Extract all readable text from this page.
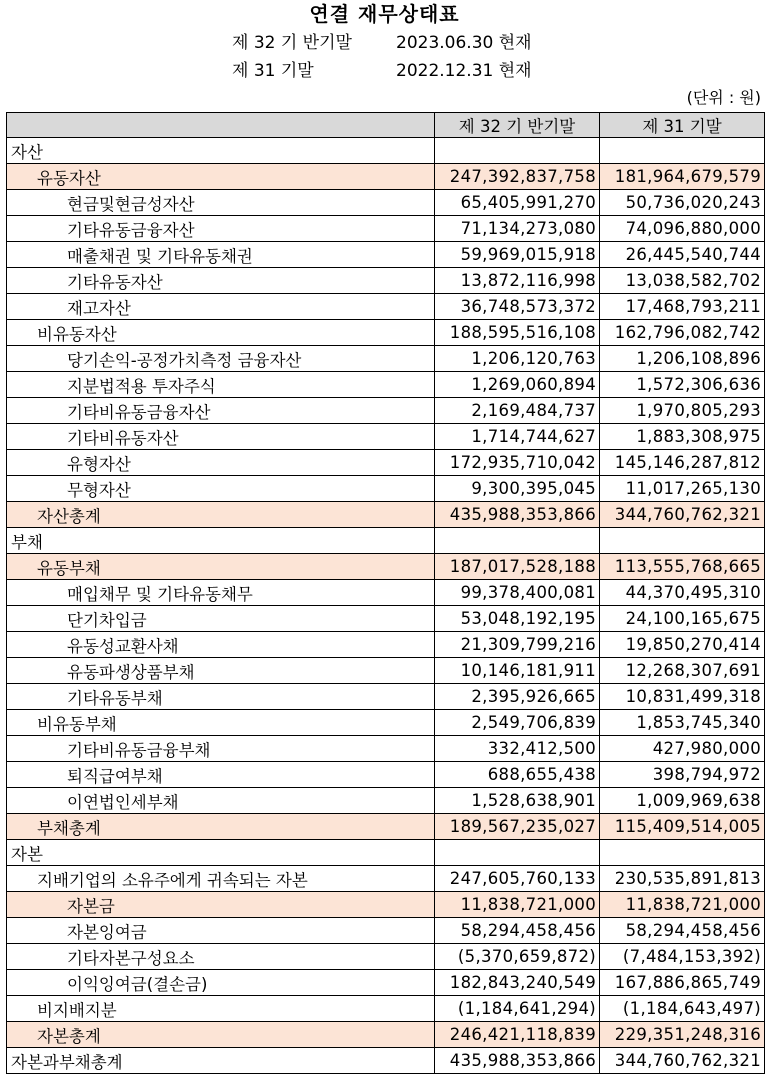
연결 재무상태표
제 32 기 반기말	2023.06.30 현재
제 31 기말	2022.12.31 현재
(단위 : 원)
	제 32 기 반기말	제 31 기말
자산		
유동자산	247,392,837,758	181,964,679,579
현금및현금성자산	65,405,991,270	50,736,020,243
기타유동금융자산	71,134,273,080	74,096,880,000
매출채권 및 기타유동채권	59,969,015,918	26,445,540,744
기타유동자산	13,872,116,998	13,038,582,702
재고자산	36,748,573,372	17,468,793,211
비유동자산	188,595,516,108	162,796,082,742
당기손익-공정가치측정 금융자산	1,206,120,763	1,206,108,896
지분법적용 투자주식	1,269,060,894	1,572,306,636
기타비유동금융자산	2,169,484,737	1,970,805,293
기타비유동자산	1,714,744,627	1,883,308,975
유형자산	172,935,710,042	145,146,287,812
무형자산	9,300,395,045	11,017,265,130
자산총계	435,988,353,866	344,760,762,321
부채		
유동부채	187,017,528,188	113,555,768,665
매입채무 및 기타유동채무	99,378,400,081	44,370,495,310
단기차입금	53,048,192,195	24,100,165,675
유동성교환사채	21,309,799,216	19,850,270,414
유동파생상품부채	10,146,181,911	12,268,307,691
기타유동부채	2,395,926,665	10,831,499,318
비유동부채	2,549,706,839	1,853,745,340
기타비유동금융부채	332,412,500	427,980,000
퇴직급여부채	688,655,438	398,794,972
이연법인세부채	1,528,638,901	1,009,969,638
부채총계	189,567,235,027	115,409,514,005
자본		
지배기업의 소유주에게 귀속되는 자본	247,605,760,133	230,535,891,813
자본금	11,838,721,000	11,838,721,000
자본잉여금	58,294,458,456	58,294,458,456
기타자본구성요소	(5,370,659,872)	(7,484,153,392)
이익잉여금(결손금)	182,843,240,549	167,886,865,749
비지배지분	(1,184,641,294)	(1,184,643,497)
자본총계	246,421,118,839	229,351,248,316
자본과부채총계	435,988,353,866	344,760,762,321
